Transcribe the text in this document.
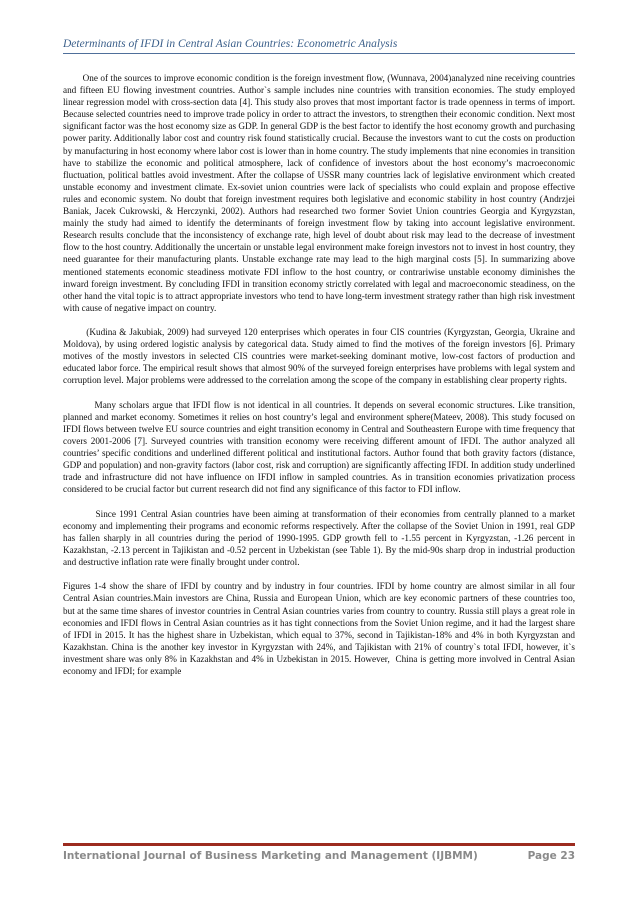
Determinants of IFDI in Central Asian Countries: Econometric Analysis

One of the sources to improve economic condition is the foreign investment flow, (Wunnava, 2004)analyzed nine receiving countries and fifteen EU flowing investment countries. Author`s sample includes nine countries with transition economies. The study employed linear regression model with cross-section data [4]. This study also proves that most important factor is trade openness in terms of import. Because selected countries need to improve trade policy in order to attract the investors, to strengthen their economic condition. Next most significant factor was the host economy size as GDP. In general GDP is the best factor to identify the host economy growth and purchasing power parity. Additionally labor cost and country risk found statistically crucial. Because the investors want to cut the costs on production by manufacturing in host economy where labor cost is lower than in home country. The study implements that nine economies in transition have to stabilize the economic and political atmosphere, lack of confidence of investors about the host economy’s macroeconomic fluctuation, political battles avoid investment. After the collapse of USSR many countries lack of legislative environment which created unstable economy and investment climate. Ex-soviet union countries were lack of specialists who could explain and propose effective rules and economic system. No doubt that foreign investment requires both legislative and economic stability in host country (Andrzjei Baniak, Jacek Cukrowski, & Herczynki, 2002). Authors had researched two former Soviet Union countries Georgia and Kyrgyzstan, mainly the study had aimed to identify the determinants of foreign investment flow by taking into account legislative environment. Research results conclude that the inconsistency of exchange rate, high level of doubt about risk may lead to the decrease of investment flow to the host country. Additionally the uncertain or unstable legal environment make foreign investors not to invest in host country, they need guarantee for their manufacturing plants. Unstable exchange rate may lead to the high marginal costs [5]. In summarizing above mentioned statements economic steadiness motivate FDI inflow to the host country, or contrariwise unstable economy diminishes the inward foreign investment. By concluding IFDI in transition economy strictly correlated with legal and macroeconomic steadiness, on the other hand the vital topic is to attract appropriate investors who tend to have long-term investment strategy rather than high risk investment with cause of negative impact on country.

(Kudina & Jakubiak, 2009) had surveyed 120 enterprises which operates in four CIS countries (Kyrgyzstan, Georgia, Ukraine and Moldova), by using ordered logistic analysis by categorical data. Study aimed to find the motives of the foreign investors [6]. Primary motives of the mostly investors in selected CIS countries were market-seeking dominant motive, low-cost factors of production and educated labor force. The empirical result shows that almost 90% of the surveyed foreign enterprises have problems with legal system and corruption level. Major problems were addressed to the correlation among the scope of the company in establishing clear property rights.

Many scholars argue that IFDI flow is not identical in all countries. It depends on several economic structures. Like transition, planned and market economy. Sometimes it relies on host country’s legal and environment sphere(Mateev, 2008). This study focused on IFDI flows between twelve EU source countries and eight transition economy in Central and Southeastern Europe with time frequency that covers 2001-2006 [7]. Surveyed countries with transition economy were receiving different amount of IFDI. The author analyzed all countries’ specific conditions and underlined different political and institutional factors. Author found that both gravity factors (distance, GDP and population) and non-gravity factors (labor cost, risk and corruption) are significantly affecting IFDI. In addition study underlined trade and infrastructure did not have influence on IFDI inflow in sampled countries. As in transition economies privatization process considered to be crucial factor but current research did not find any significance of this factor to FDI inflow.

Since 1991 Central Asian countries have been aiming at transformation of their economies from centrally planned to a market economy and implementing their programs and economic reforms respectively. After the collapse of the Soviet Union in 1991, real GDP has fallen sharply in all countries during the period of 1990-1995. GDP growth fell to -1.55 percent in Kyrgyzstan, -1.26 percent in Kazakhstan, -2.13 percent in Tajikistan and -0.52 percent in Uzbekistan (see Table 1). By the mid-90s sharp drop in industrial production and destructive inflation rate were finally brought under control.

Figures 1-4 show the share of IFDI by country and by industry in four countries. IFDI by home country are almost similar in all four Central Asian countries.Main investors are China, Russia and European Union, which are key economic partners of these countries too, but at the same time shares of investor countries in Central Asian countries varies from country to country. Russia still plays a great role in economies and IFDI flows in Central Asian countries as it has tight connections from the Soviet Union regime, and it had the largest share of IFDI in 2015. It has the highest share in Uzbekistan, which equal to 37%, second in Tajikistan-18% and 4% in both Kyrgyzstan and Kazakhstan. China is the another key investor in Kyrgyzstan with 24%, and Tajikistan with 21% of country`s total IFDI, however, it`s investment share was only 8% in Kazakhstan and 4% in Uzbekistan in 2015. However,  China is getting more involved in Central Asian economy and IFDI; for example

International Journal of Business Marketing and Management (IJBMM)	Page 23
